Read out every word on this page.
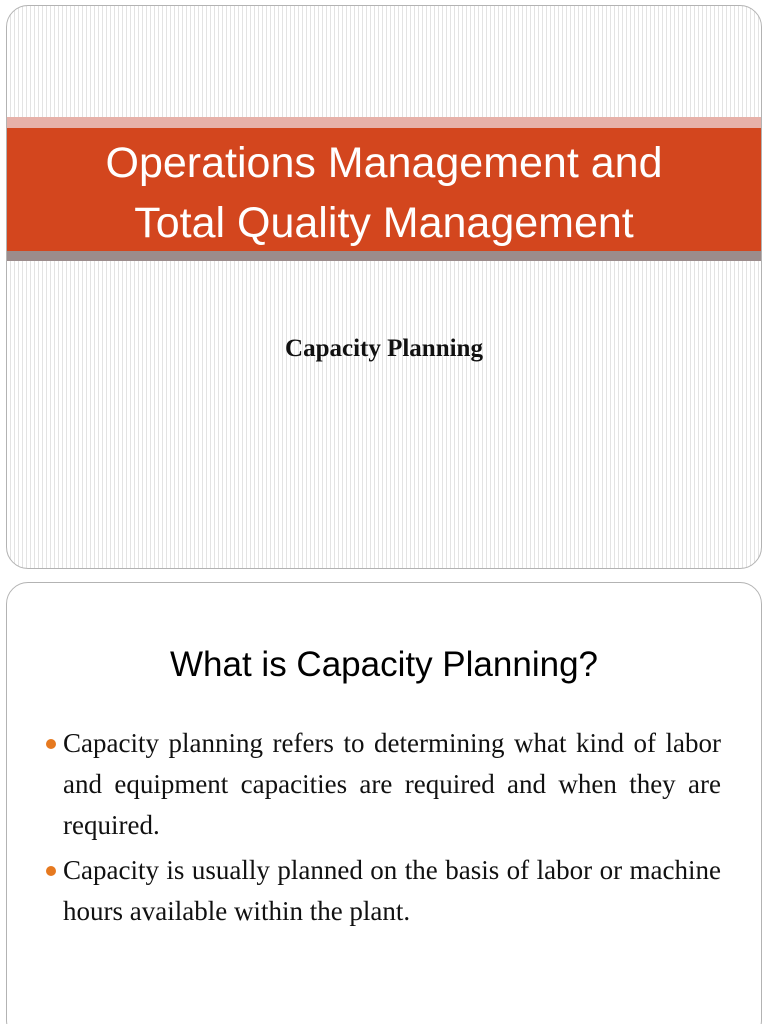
Operations Management and
Total Quality Management

Capacity Planning

What is Capacity Planning?
Capacity planning refers to determining what kind of labor and equipment capacities are required and when they are required.
Capacity is usually planned on the basis of labor or machine hours available within the plant.
